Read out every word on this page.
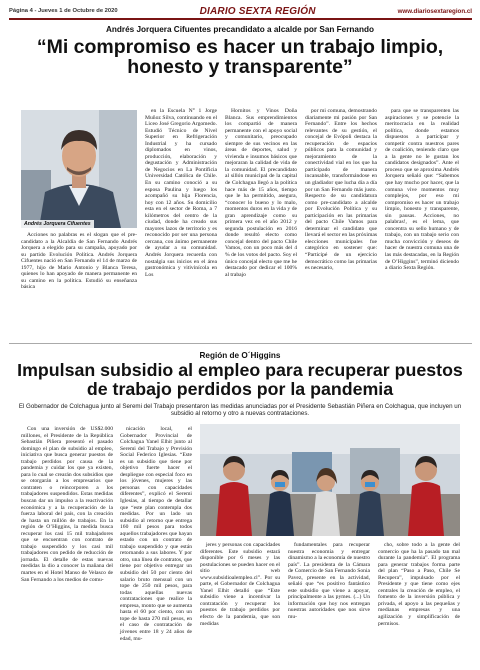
Página 4 - Jueves 1 de Octubre de 2020	DIARIO SEXTA REGIÓN	www.diariosextaregion.cl
Andrés Jorquera Cifuentes precandidato a alcalde por San Fernando
“Mi compromiso es hacer un trabajo limpio, honesto y transparente”
Andrés Jorquera Cifuentes

Acciones no palabras es el slogan que el pre-candidato a la Alcaldía de San Fernando Andrés Jorquera a elegido para su campaña, apoyado por su partido Evolución Política. Andrés Jorquera Cifuentes nació en San Fernando el 14 de marzo de 1977, hijo de Mario Antonio y Blanca Teresa, quienes lo han apoyado de manera permanente en su camino en la política. Estudió su enseñanza básica

en la Escuela N° 1 Jorge Muñoz Silva, continuando en el Liceo José Gregorio Argomedo. Estudió Técnico de Nivel Superior en Refrigeración Industrial y ha cursado diplomados en vinos, producción, elaboración y degustación y Administración de Negocios en La Pontificia Universidad Católica de Chile. En su camino conoció a su esposa Paulina y luego los acompañó su hija Florencia, hoy con 12 años. Su domicilio esta en el sector de Roma, a 7 kilómetros del centro de la ciudad, donde ha creado sus mayores lazos de territorio y es reconocido por ser una persona cercana, con ánimo permanente de ayudar a su comunidad. Andrés Jorquera recuerda con nostalgia sus inicios en el área gastronómica y vitivinícola en Los

Hornitos y Vinos Doña Blanca. Sus emprendimientos los compartió de manera permanente con el apoyo social y comunitario, preocupado siempre de sus vecinos en las áreas de deportes, salud y vivienda e insumos básicos que mejoraran la calidad de vida de la comunidad. El precandidato al sillón municipal de la capital de Colchagua llegó a la política hace más de 15 años, tiempo que le ha permitido, asegura, “conocer lo bueno y lo malo, momentos duros en la vida y de gran aprendizaje como su primera vez en el año 2012 y segunda postulación en 2016 donde resultó electo como concejal dentro del pacto Chile Vamos, con un poco más del 4 % de los votos del pacto. Soy el único concejal electo que me he destacado por dedicar el 100% al trabajo

por mi comuna, demostrando diariamente mi pasión por San Fernando”. Entre los hechos relevantes de su gestión, el concejal de Evópoli destaca la recuperación de espacios públicos para la comunidad y mejoramiento de la conectividad vial en los que ha participado de manera incansable, transformándose en un gladiador que lucha día a día por un San Fernando más justo. Respecto de su candidatura como pre-candidato a alcalde por Evolución Política y su participación en las primarias del pacto Chile Vamos para determinar el candidato que llevará el sector en las próximas elecciones municipales fue categórico en sostener que: “Participé de un ejercicio democrático como las primarias es necesario,

para que se transparenten las aspiraciones y se potencie la meritocracia en la realidad política, donde estamos dispuestos a participar y competir contra nuestros pares de coalición, teniendo claro que a la gente no le gustan los candidatos designados”. Ante el proceso que se aproxima Andrés Jorquera señaló que: “Sabemos que hay mucho por hacer, que la comuna vive momentos muy complejos, por eso mi compromiso es hacer un trabajo limpio, honesto y transparente, sin pausas. Acciones, no palabras!, es el lema, que concentra su sello humano y de trabajo, con un trabajo serio con mucha convicción y deseos de hacer de nuestra comuna una de las más destacadas, en la Región de O’Higgins”, terminó diciendo a diario Sexta Región.

Región de O´Higgins
Impulsan subsidio al empleo para recuperar puestos de trabajo perdidos por la pandemia
El Gobernador de Colchagua junto al Seremi del Trabajo presentaron las medidas anunciadas por el Presidente Sebastián Piñera en Colchagua, que incluyen un subsidio al retorno y otro a nuevas contrataciones.

Con una inversión de US$2.000 millones, el Presidente de la República Sebastián Piñera presentó el pasado domingo el plan de subsidio al empleo, iniciativa que busca generar puestos de trabajo perdidos por causa de la pandemia y cuidar los que ya existen, para lo cual se crearán dos subsidios que se otorgarán a los empresarios que contraten o reincorporen a los trabajadores suspendidos. Estas medidas buscan dar un impulso a la reactivación económica y a la recuperación de la fuerza laboral del país, con la creación de hasta un millón de trabajos. En la región de O’Higgins, la medida busca recuperar los casi 15 mil trabajadores que se encuentran con contrato de trabajo suspendido y los casi mil trabajadores con pedido de reducción de jornada. El detalle de estas nuevas medidas la dio a conocer la mañana del martes en el Hotel Manso de Velasco de San Fernando a los medios de comu-

nicación local, el Gobernador Provincial de Colchagua Yanel Elhit junto al Seremi del Trabajo y Previsión Social Federico Iglesias. “Este es un subsidio que tiene por objetivo fuerte hacer el despliegue con especial foco en los jóvenes, mujeres y las personas con capacidades diferentes”, explicó el Seremi Iglesias, al tiempo de detallar que “este plan contempla dos medidas. Por un lado un subsidio al retorno que entrega 160 mil pesos para todos aquellos trabajadores que hayan estado con un contrato de trabajo suspendido y que están retornando a sus labores. Y por otro, una línea de contratos, que tiene por objetivo entregar un subsidio del 50 por ciento del salario bruto mensual con un tope de 250 mil pesos, para todas aquellas nuevas contrataciones que realice la empresa, monto que se aumenta hasta el 60 por ciento, con un tope de hasta 270 mil pesos, en el caso de contratación de jóvenes entre 18 y 24 años de edad, mu-

jeres y personas con capacidades diferentes. Este subsidio estará disponible por 6 meses y las postulaciones se pueden hacer en el sitio web www.subsidioalempleo.cl”. Por su parte, el Gobernador de Colchagua Yanel Elhit detalló que “Este subsidio viene a incentivar la contratación y recuperar los puestos de trabajo perdidos por efecto de la pandemia, que son medidas

fundamentales para recuperar nuestra economía y entregar dinamismo a la economía de nuestro país”. La presidenta de la Cámara de Comercio de San Fernando Sonia Pavez, presente en la actividad, señaló que “es positivo fantástico este subsidio que viene a apoyar, principalmente a las pymes. (...) Un información que hoy nos entregan nuestras autoridades que nos sirve mu-

cho, sobre todo a la gente del comercio que ha la pasado tan mal durante la pandemia”. El programa para generar trabajos forma parte del plan “Paso a Paso, Chile Se Recupera”, impulsado por el Presidente y que tiene como ejes centrales la creación de empleo, el fomento de la inversión pública y privada, el apoyo a las pequeñas y medianas empresas y una agilización y simplificación de permisos.
